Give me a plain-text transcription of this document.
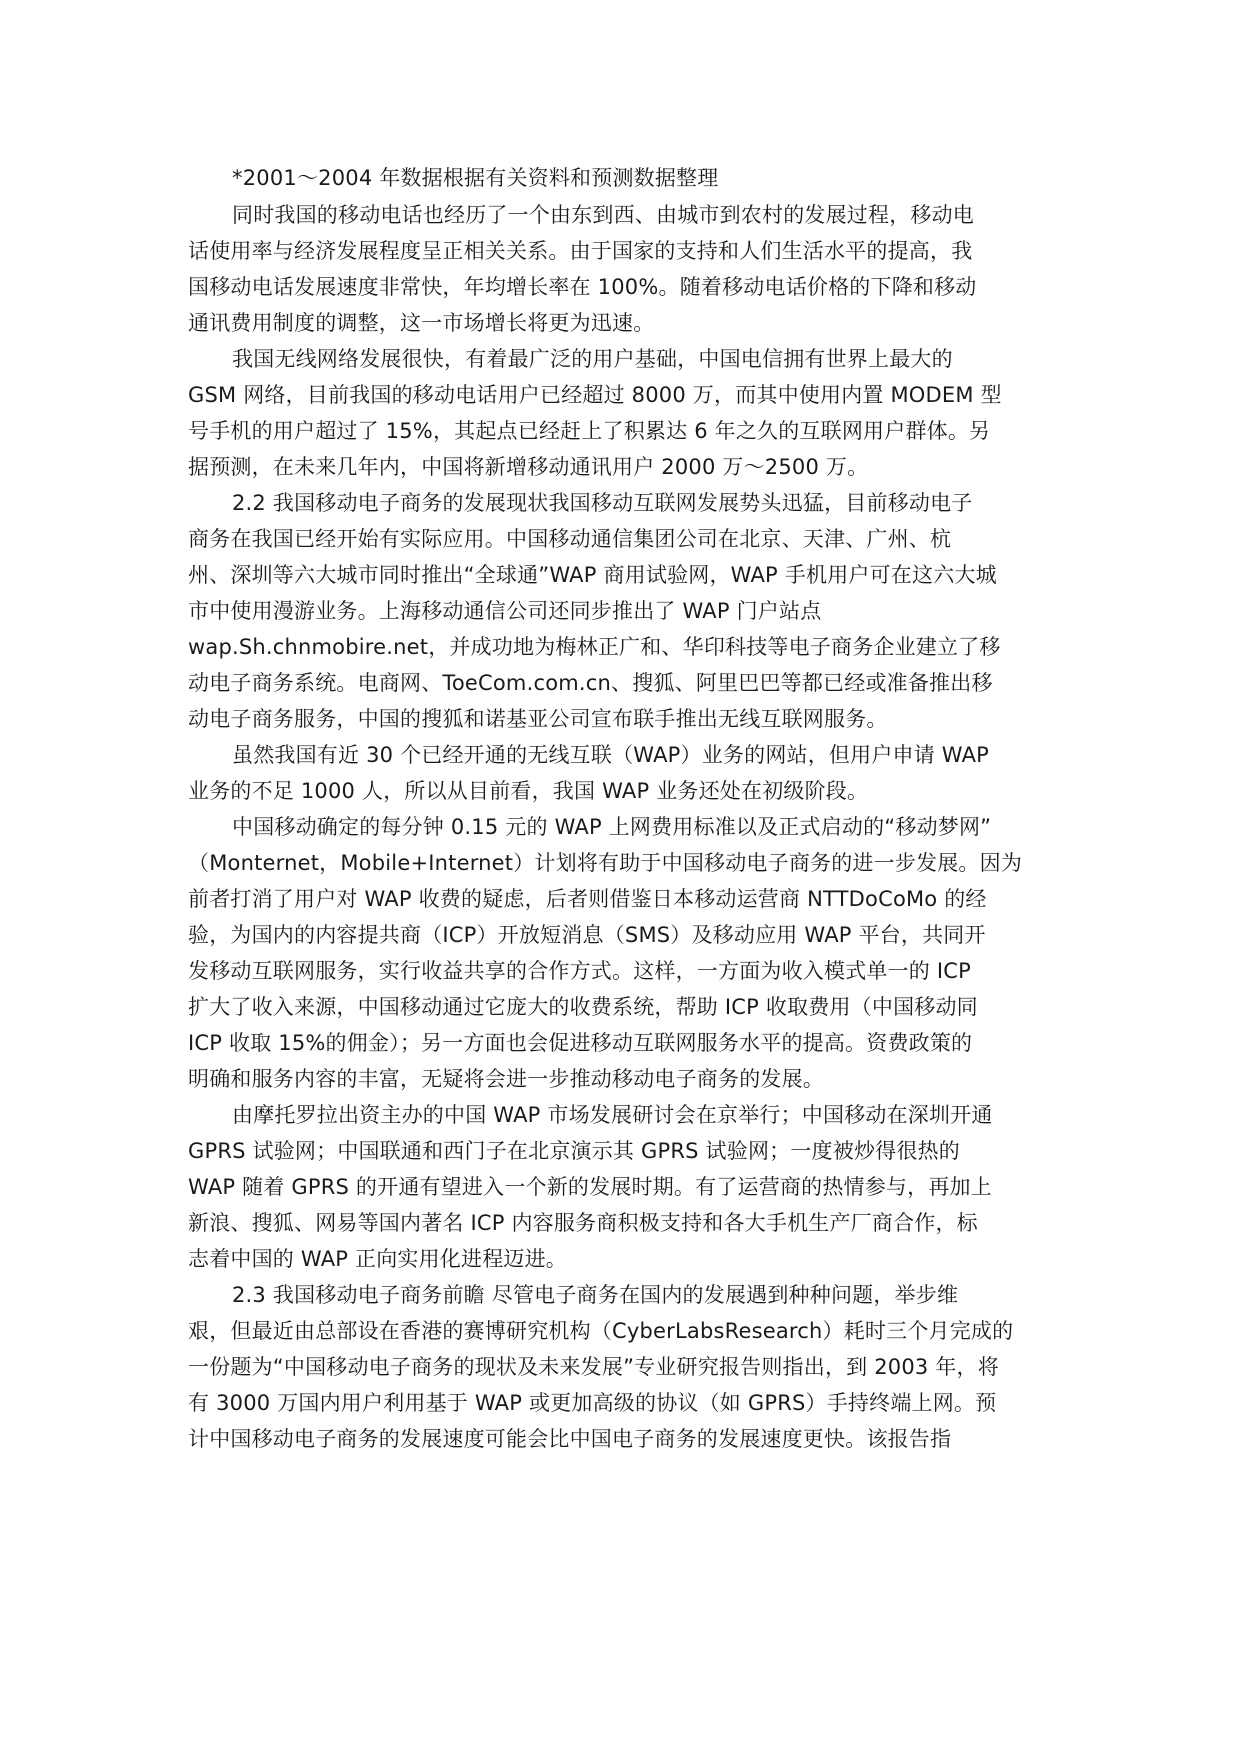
*2001～2004 年数据根据有关资料和预测数据整理

同时我国的移动电话也经历了一个由东到西、由城市到农村的发展过程，移动电

话使用率与经济发展程度呈正相关关系。由于国家的支持和人们生活水平的提高，我

国移动电话发展速度非常快，年均增长率在 100%。随着移动电话价格的下降和移动

通讯费用制度的调整，这一市场增长将更为迅速。

我国无线网络发展很快，有着最广泛的用户基础，中国电信拥有世界上最大的

GSM 网络，目前我国的移动电话用户已经超过 8000 万，而其中使用内置 MODEM 型

号手机的用户超过了 15%，其起点已经赶上了积累达 6 年之久的互联网用户群体。另

据预测，在未来几年内，中国将新增移动通讯用户 2000 万～2500 万。

2.2 我国移动电子商务的发展现状我国移动互联网发展势头迅猛，目前移动电子

商务在我国已经开始有实际应用。中国移动通信集团公司在北京、天津、广州、杭

州、深圳等六大城市同时推出“全球通”WAP 商用试验网，WAP 手机用户可在这六大城

市中使用漫游业务。上海移动通信公司还同步推出了 WAP 门户站点

wap.Sh.chnmobire.net，并成功地为梅林正广和、华印科技等电子商务企业建立了移

动电子商务系统。电商网、ToeCom.com.cn、搜狐、阿里巴巴等都已经或准备推出移

动电子商务服务，中国的搜狐和诺基亚公司宣布联手推出无线互联网服务。

虽然我国有近 30 个已经开通的无线互联（WAP）业务的网站，但用户申请 WAP

业务的不足 1000 人，所以从目前看，我国 WAP 业务还处在初级阶段。

中国移动确定的每分钟 0.15 元的 WAP 上网费用标准以及正式启动的“移动梦网”

（Monternet，Mobile+Internet）计划将有助于中国移动电子商务的进一步发展。因为

前者打消了用户对 WAP 收费的疑虑，后者则借鉴日本移动运营商 NTTDoCoMo 的经

验，为国内的内容提共商（ICP）开放短消息（SMS）及移动应用 WAP 平台，共同开

发移动互联网服务，实行收益共享的合作方式。这样，一方面为收入模式单一的 ICP

扩大了收入来源，中国移动通过它庞大的收费系统，帮助 ICP 收取费用（中国移动同

ICP 收取 15%的佣金）；另一方面也会促进移动互联网服务水平的提高。资费政策的

明确和服务内容的丰富，无疑将会进一步推动移动电子商务的发展。

由摩托罗拉出资主办的中国 WAP 市场发展研讨会在京举行；中国移动在深圳开通

GPRS 试验网；中国联通和西门子在北京演示其 GPRS 试验网；一度被炒得很热的

WAP 随着 GPRS 的开通有望进入一个新的发展时期。有了运营商的热情参与，再加上

新浪、搜狐、网易等国内著名 ICP 内容服务商积极支持和各大手机生产厂商合作，标

志着中国的 WAP 正向实用化进程迈进。

2.3 我国移动电子商务前瞻 尽管电子商务在国内的发展遇到种种问题，举步维

艰，但最近由总部设在香港的赛博研究机构（CyberLabsResearch）耗时三个月完成的

一份题为“中国移动电子商务的现状及未来发展”专业研究报告则指出，到 2003 年，将

有 3000 万国内用户利用基于 WAP 或更加高级的协议（如 GPRS）手持终端上网。预

计中国移动电子商务的发展速度可能会比中国电子商务的发展速度更快。该报告指
